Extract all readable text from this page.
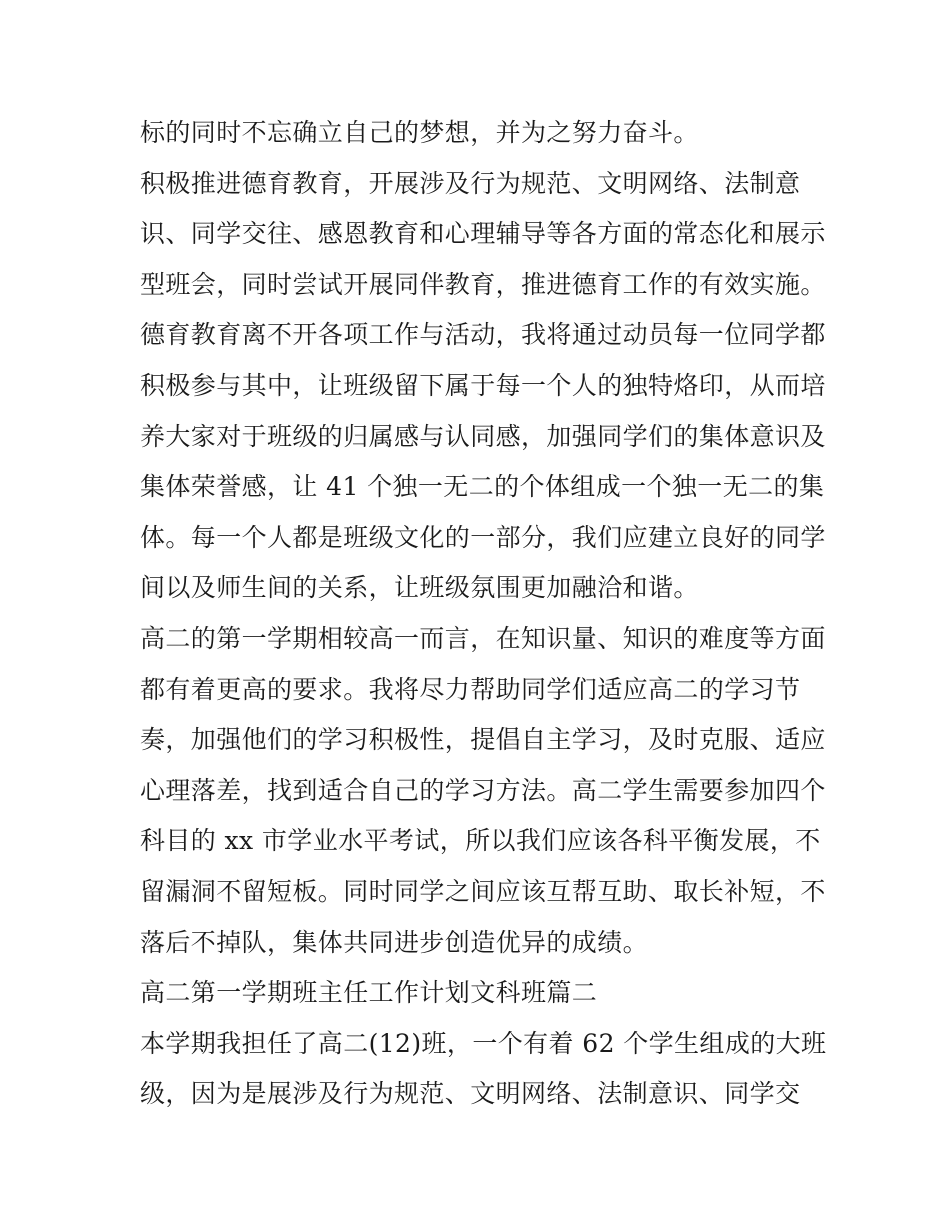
标的同时不忘确立自己的梦想，并为之努力奋斗。
积极推进德育教育，开展涉及行为规范、文明网络、法制意
识、同学交往、感恩教育和心理辅导等各方面的常态化和展示
型班会，同时尝试开展同伴教育，推进德育工作的有效实施。
德育教育离不开各项工作与活动，我将通过动员每一位同学都
积极参与其中，让班级留下属于每一个人的独特烙印，从而培
养大家对于班级的归属感与认同感，加强同学们的集体意识及
集体荣誉感，让 41 个独一无二的个体组成一个独一无二的集
体。每一个人都是班级文化的一部分，我们应建立良好的同学
间以及师生间的关系，让班级氛围更加融洽和谐。
高二的第一学期相较高一而言，在知识量、知识的难度等方面
都有着更高的要求。我将尽力帮助同学们适应高二的学习节
奏，加强他们的学习积极性，提倡自主学习，及时克服、适应
心理落差，找到适合自己的学习方法。高二学生需要参加四个
科目的 xx 市学业水平考试，所以我们应该各科平衡发展，不
留漏洞不留短板。同时同学之间应该互帮互助、取长补短，不
落后不掉队，集体共同进步创造优异的成绩。
高二第一学期班主任工作计划文科班篇二
本学期我担任了高二(12)班，一个有着 62 个学生组成的大班
级，因为是展涉及行为规范、文明网络、法制意识、同学交
